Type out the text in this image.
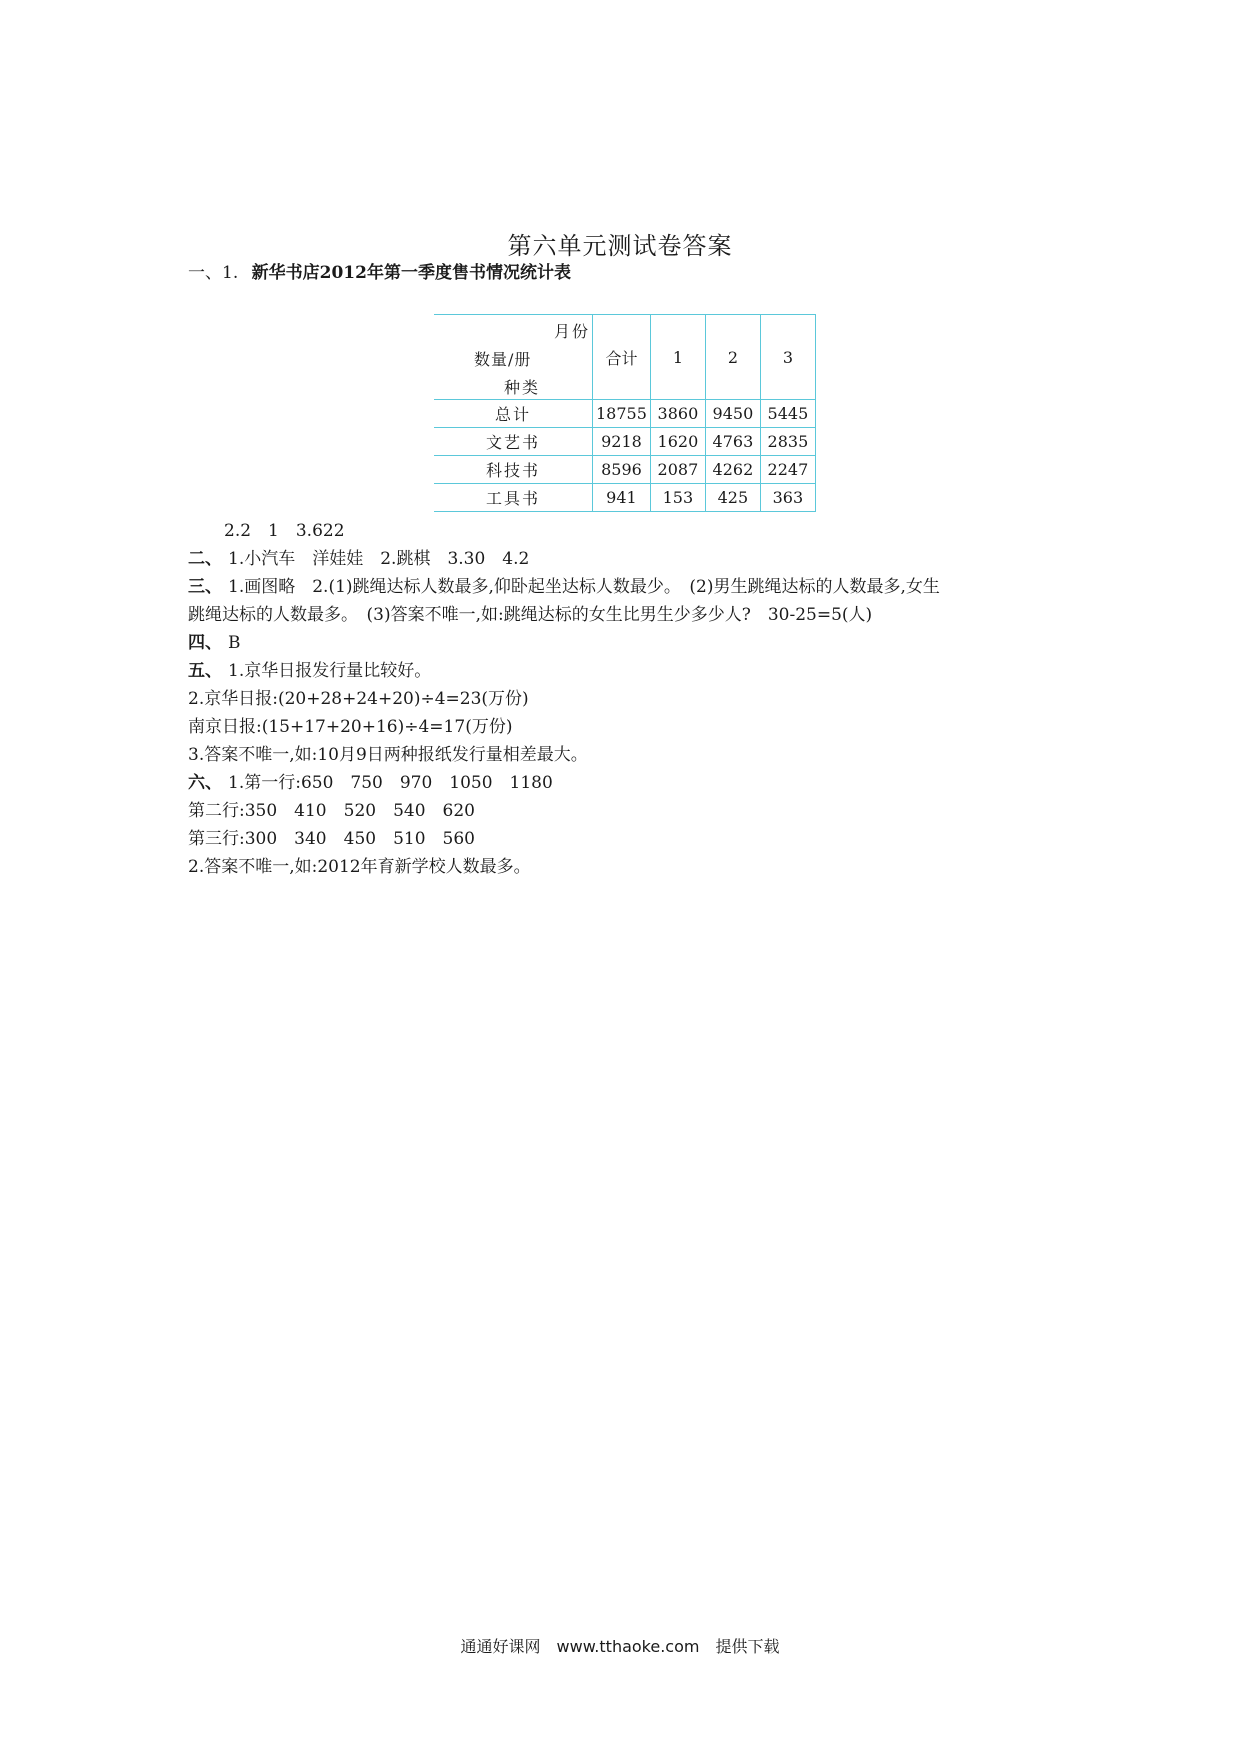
第六单元测试卷答案
一、1. 新华书店2012年第一季度售书情况统计表
月份
数量/册
种类	合计	1	2	3
总计	18755	3860	9450	5445
文艺书	9218	1620	4763	2835
科技书	8596	2087	4262	2247
工具书	941	153	425	363
2.2　1　3.622
二、 1.小汽车　洋娃娃　2.跳棋　3.30　4.2
三、 1.画图略　2.(1)跳绳达标人数最多,仰卧起坐达标人数最少。　(2)男生跳绳达标的人数最多,女生
跳绳达标的人数最多。　(3)答案不唯一,如:跳绳达标的女生比男生少多少人?　30-25=5(人)
四、 B
五、 1.京华日报发行量比较好。
2.京华日报:(20+28+24+20)÷4=23(万份)
南京日报:(15+17+20+16)÷4=17(万份)
3.答案不唯一,如:10月9日两种报纸发行量相差最大。
六、 1.第一行:650　750　970　1050　1180
第二行:350　410　520　540　620
第三行:300　340　450　510　560
2.答案不唯一,如:2012年育新学校人数最多。
通通好课网　www.tthaoke.com　提供下载
